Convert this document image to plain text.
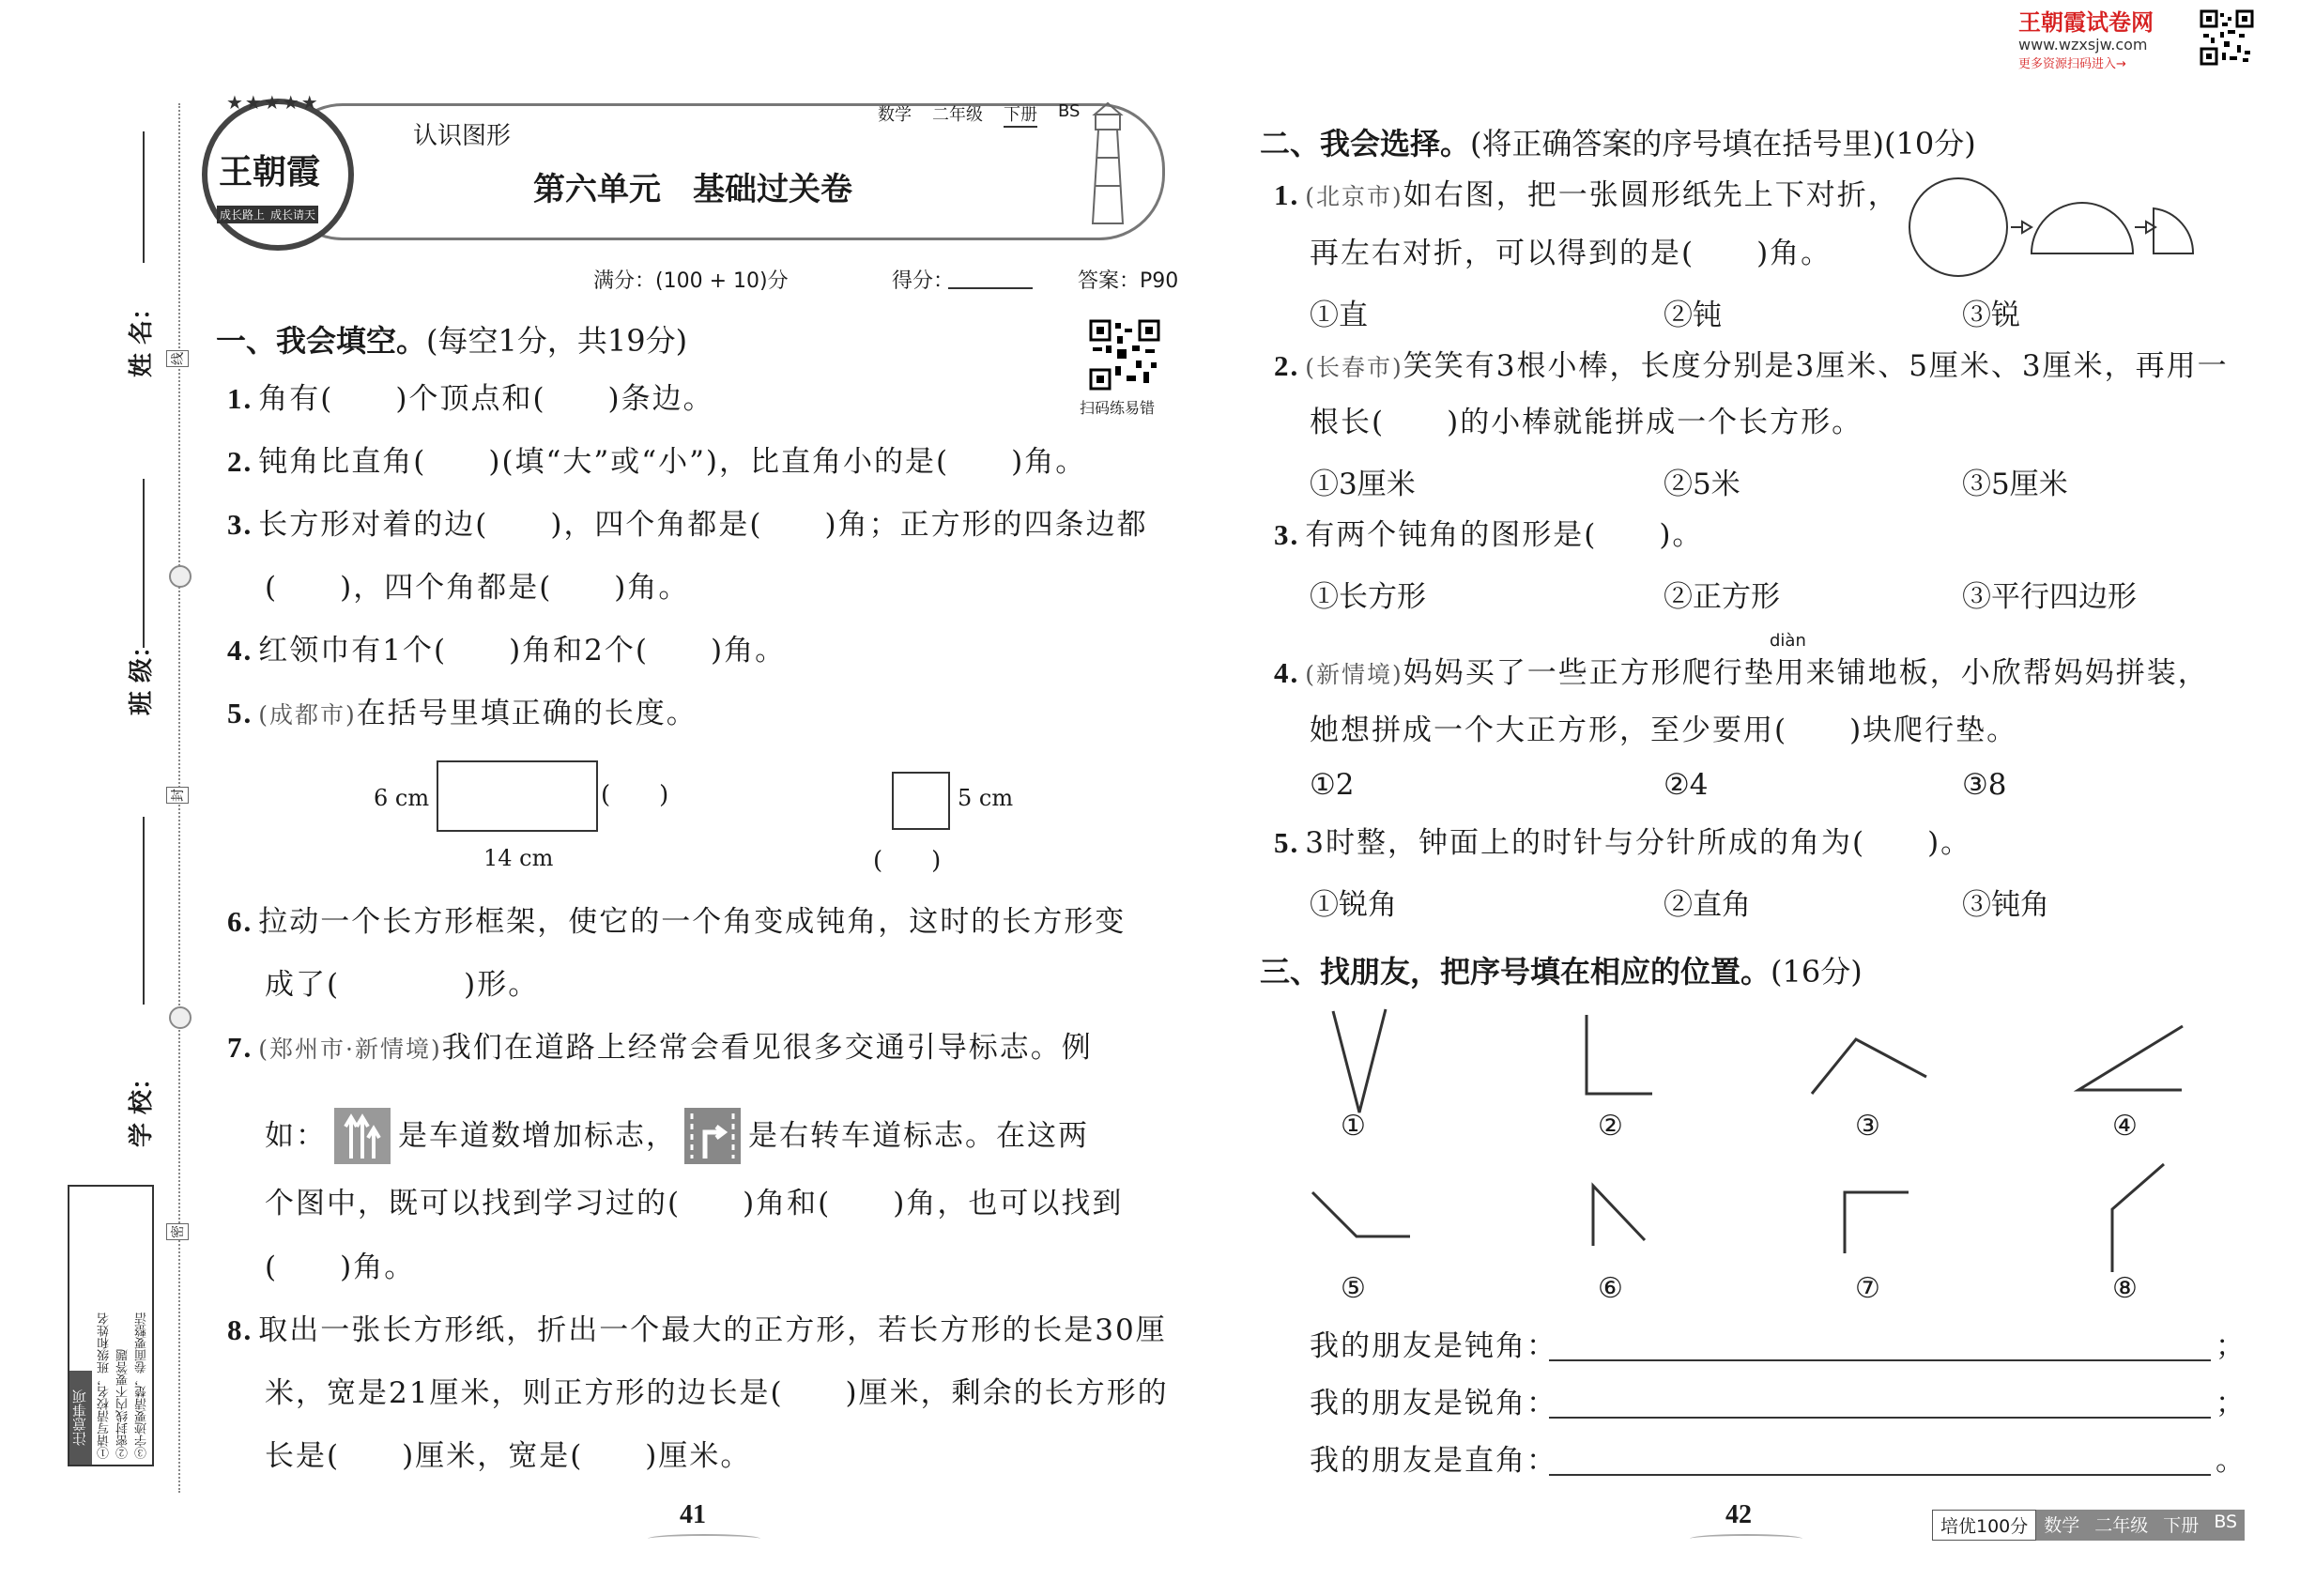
王朝霞试卷网
www.wzxsjw.com
更多资源扫码进入→
姓 名：
班 级：
学 校：
线
封
密
注意事项 ①请写清校名，班级和姓名 ②密封线内不要答题 ③字迹要清楚，卷面要整洁
★★★★★
王朝霞
成长路上 成长请天
认识图形
数学 二年级 下册 BS
第六单元　基础过关卷
满分：(100 + 10)分	得分：	答案：P90
扫码练易错
一、我会填空。(每空1分，共19分)
1. 角有(　　)个顶点和(　　)条边。
2. 钝角比直角(　　)(填“大”或“小”)，比直角小的是(　　)角。
3. 长方形对着的边(　　)，四个角都是(　　)角；正方形的四条边都
(　　)，四个角都是(　　)角。
4. 红领巾有1个(　　)角和2个(　　)角。
5. (成都市)在括号里填正确的长度。
6 cm	(　　)
14 cm
5 cm
(　　)
6. 拉动一个长方形框架，使它的一个角变成钝角，这时的长方形变
成了(　　　　)形。
7. (郑州市·新情境)我们在道路上经常会看见很多交通引导标志。例
如： 是车道数增加标志， 是右转车道标志。在这两
个图中，既可以找到学习过的(　　)角和(　　)角，也可以找到
(　　)角。
8. 取出一张长方形纸，折出一个最大的正方形，若长方形的长是30厘
米，宽是21厘米，则正方形的边长是(　　)厘米，剩余的长方形的
长是(　　)厘米，宽是(　　)厘米。
41
二、我会选择。(将正确答案的序号填在括号里)(10分)
1. (北京市)如右图，把一张圆形纸先上下对折，
再左右对折，可以得到的是(　　)角。
①直	②钝	③锐
2. (长春市)笑笑有3根小棒，长度分别是3厘米、5厘米、3厘米，再用一
根长(　　)的小棒就能拼成一个长方形。
①3厘米	②5米	③5厘米
3. 有两个钝角的图形是(　　)。
①长方形	②正方形	③平行四边形
diàn
4. (新情境)妈妈买了一些正方形爬行垫用来铺地板，小欣帮妈妈拼装，
她想拼成一个大正方形，至少要用(　　)块爬行垫。
①2	②4	③8
5. 3时整，钟面上的时针与分针所成的角为(　　)。
①锐角	②直角	③钝角
三、找朋友，把序号填在相应的位置。(16分)
①	②	③	④
⑤	⑥	⑦	⑧
我的朋友是钝角：	；
我的朋友是锐角：	；
我的朋友是直角：	。
42	培优100分 数学 二年级 下册 BS
